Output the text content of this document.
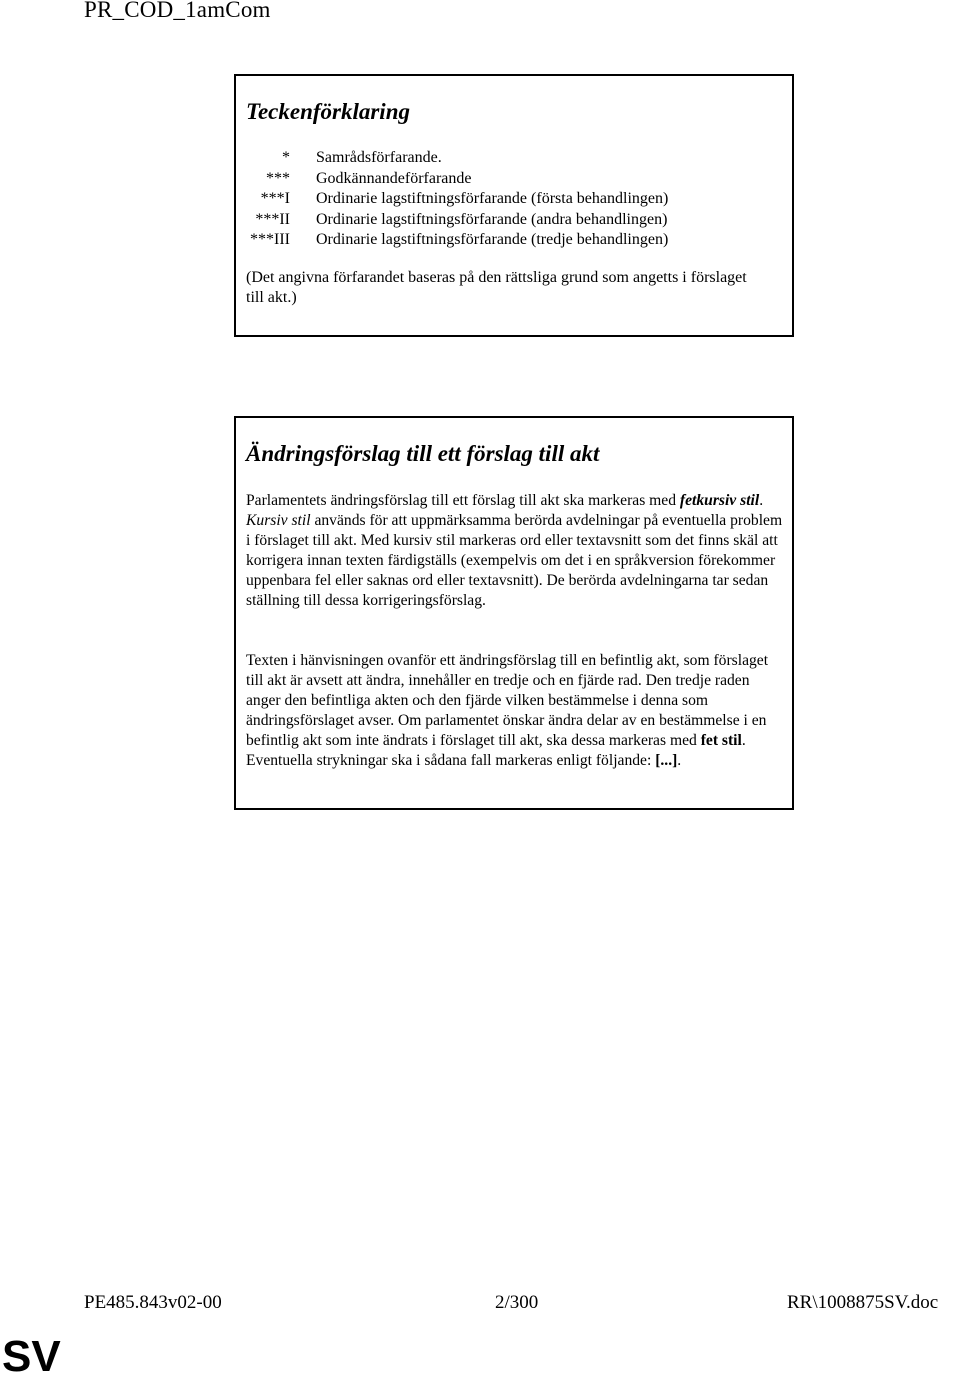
PR_COD_1amCom
Teckenförklaring
* Samrådsförfarande.
*** Godkännandeförfarande
***I Ordinarie lagstiftningsförfarande (första behandlingen)
***II Ordinarie lagstiftningsförfarande (andra behandlingen)
***III Ordinarie lagstiftningsförfarande (tredje behandlingen)
(Det angivna förfarandet baseras på den rättsliga grund som angetts i förslaget till akt.)
Ändringsförslag till ett förslag till akt
Parlamentets ändringsförslag till ett förslag till akt ska markeras med fetkursiv stil. Kursiv stil används för att uppmärksamma berörda avdelningar på eventuella problem i förslaget till akt. Med kursiv stil markeras ord eller textavsnitt som det finns skäl att korrigera innan texten färdigställs (exempelvis om det i en språkversion förekommer uppenbara fel eller saknas ord eller textavsnitt). De berörda avdelningarna tar sedan ställning till dessa korrigeringsförslag.
Texten i hänvisningen ovanför ett ändringsförslag till en befintlig akt, som förslaget till akt är avsett att ändra, innehåller en tredje och en fjärde rad. Den tredje raden anger den befintliga akten och den fjärde vilken bestämmelse i denna som ändringsförslaget avser. Om parlamentet önskar ändra delar av en bestämmelse i en befintlig akt som inte ändrats i förslaget till akt, ska dessa markeras med fet stil. Eventuella strykningar ska i sådana fall markeras enligt följande: [...].
PE485.843v02-00	2/300	RR\1008875SV.doc
SV
